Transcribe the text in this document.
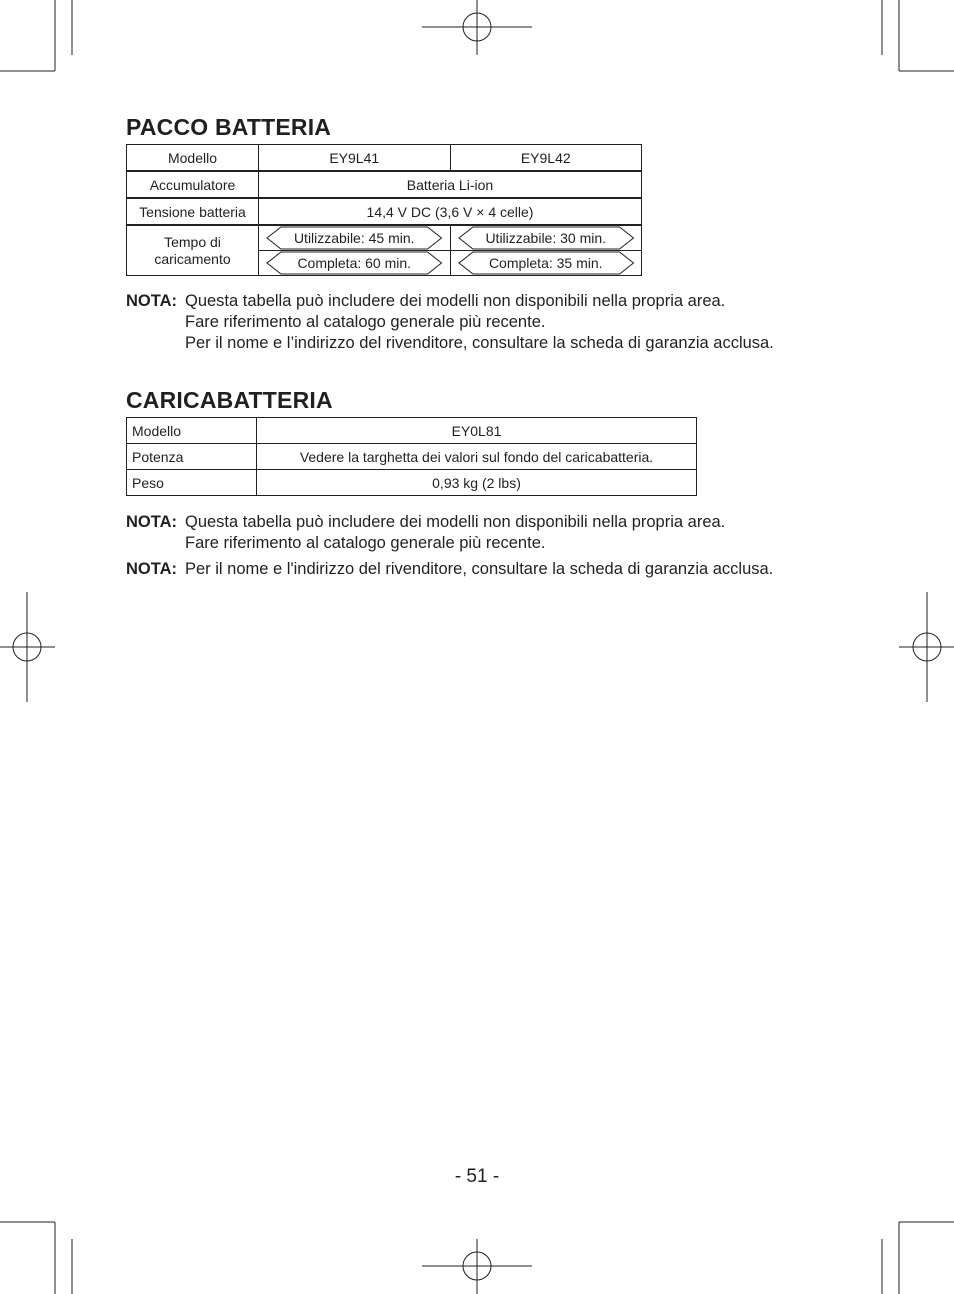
PACCO BATTERIA
Modello	EY9L41	EY9L42
Accumulatore	Batteria Li-ion	
Tensione batteria	14,4 V DC (3,6 V × 4 celle)	
Tempo di caricamento	Utilizzabile: 45 min.	Utilizzabile: 30 min.

	Completa: 60 min.	Completa: 35 min.
NOTA: Questa tabella può includere dei modelli non disponibili nella propria area.
Fare riferimento al catalogo generale più recente.
Per il nome e l’indirizzo del rivenditore, consultare la scheda di garanzia acclusa.
CARICABATTERIA
Modello	EY0L81
Potenza	Vedere la targhetta dei valori sul fondo del caricabatteria.
Peso	0,93 kg (2 lbs)
NOTA: Questa tabella può includere dei modelli non disponibili nella propria area.
Fare riferimento al catalogo generale più recente.
NOTA: Per il nome e l'indirizzo del rivenditore, consultare la scheda di garanzia acclusa.
- 51 -
